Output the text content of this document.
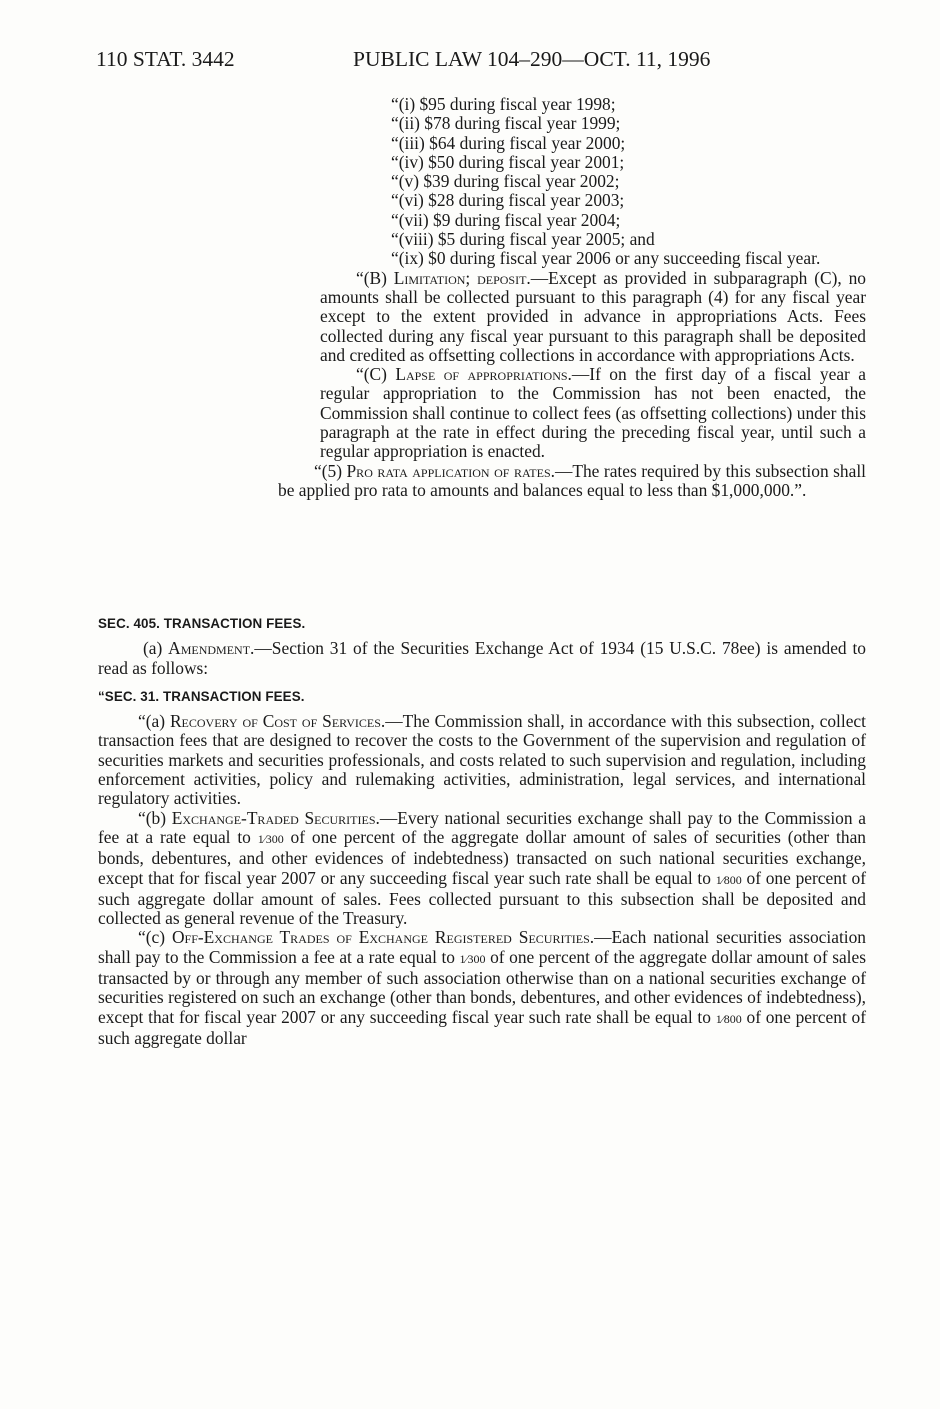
110 STAT. 3442	PUBLIC LAW 104–290—OCT. 11, 1996

“(i) $95 during fiscal year 1998;

“(ii) $78 during fiscal year 1999;

“(iii) $64 during fiscal year 2000;

“(iv) $50 during fiscal year 2001;

“(v) $39 during fiscal year 2002;

“(vi) $28 during fiscal year 2003;

“(vii) $9 during fiscal year 2004;

“(viii) $5 during fiscal year 2005; and

“(ix) $0 during fiscal year 2006 or any succeeding fiscal year.

“(B) Limitation; deposit.—Except as provided in subparagraph (C), no amounts shall be collected pursuant to this paragraph (4) for any fiscal year except to the extent provided in advance in appropriations Acts. Fees collected during any fiscal year pursuant to this paragraph shall be deposited and credited as offsetting collections in accordance with appropriations Acts.

“(C) Lapse of appropriations.—If on the first day of a fiscal year a regular appropriation to the Commission has not been enacted, the Commission shall continue to collect fees (as offsetting collections) under this paragraph at the rate in effect during the preceding fiscal year, until such a regular appropriation is enacted.

“(5) Pro rata application of rates.—The rates required by this subsection shall be applied pro rata to amounts and balances equal to less than $1,000,000.”.

SEC. 405. TRANSACTION FEES.

(a) Amendment.—Section 31 of the Securities Exchange Act of 1934 (15 U.S.C. 78ee) is amended to read as follows:

“SEC. 31. TRANSACTION FEES.

“(a) Recovery of Cost of Services.—The Commission shall, in accordance with this subsection, collect transaction fees that are designed to recover the costs to the Government of the supervision and regulation of securities markets and securities professionals, and costs related to such supervision and regulation, including enforcement activities, policy and rulemaking activities, administration, legal services, and international regulatory activities.

“(b) Exchange-Traded Securities.—Every national securities exchange shall pay to the Commission a fee at a rate equal to 1⁄300 of one percent of the aggregate dollar amount of sales of securities (other than bonds, debentures, and other evidences of indebtedness) transacted on such national securities exchange, except that for fiscal year 2007 or any succeeding fiscal year such rate shall be equal to 1⁄800 of one percent of such aggregate dollar amount of sales. Fees collected pursuant to this subsection shall be deposited and collected as general revenue of the Treasury.

“(c) Off-Exchange Trades of Exchange Registered Securities.—Each national securities association shall pay to the Commission a fee at a rate equal to 1⁄300 of one percent of the aggregate dollar amount of sales transacted by or through any member of such association otherwise than on a national securities exchange of securities registered on such an exchange (other than bonds, debentures, and other evidences of indebtedness), except that for fiscal year 2007 or any succeeding fiscal year such rate shall be equal to 1⁄800 of one percent of such aggregate dollar
